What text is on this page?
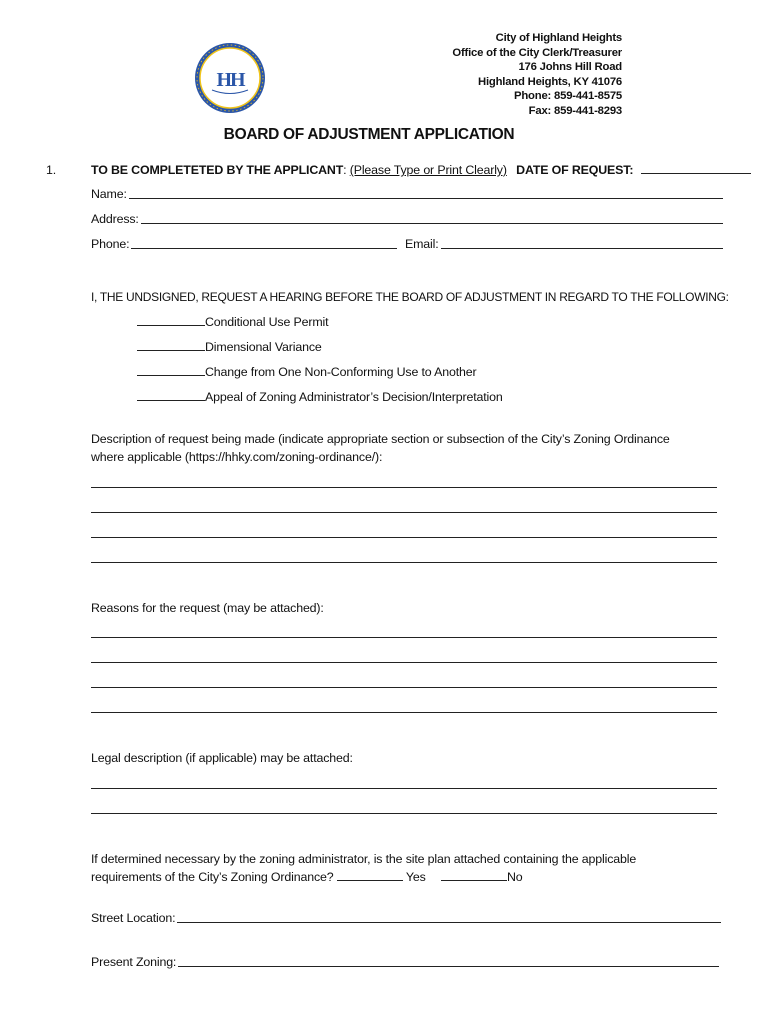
City of Highland Heights
Office of the City Clerk/Treasurer
176 Johns Hill Road
Highland Heights, KY 41076
Phone: 859-441-8575
Fax: 859-441-8293
HH
BOARD OF ADJUSTMENT APPLICATION
1.	TO BE COMPLETETED BY THE APPLICANT: (Please Type or Print Clearly) DATE OF REQUEST:
Name:
Address:
Phone:	Email:
I, THE UNDSIGNED, REQUEST A HEARING BEFORE THE BOARD OF ADJUSTMENT IN REGARD TO THE FOLLOWING:
Conditional Use Permit
Dimensional Variance
Change from One Non-Conforming Use to Another
Appeal of Zoning Administrator’s Decision/Interpretation
Description of request being made (indicate appropriate section or subsection of the City’s Zoning Ordinance
where applicable (https://hhky.com/zoning-ordinance/):
Reasons for the request (may be attached):
Legal description (if applicable) may be attached:
If determined necessary by the zoning administrator, is the site plan attached containing the applicable
requirements of the City’s Zoning Ordinance?	Yes	No
Street Location:
Present Zoning:
